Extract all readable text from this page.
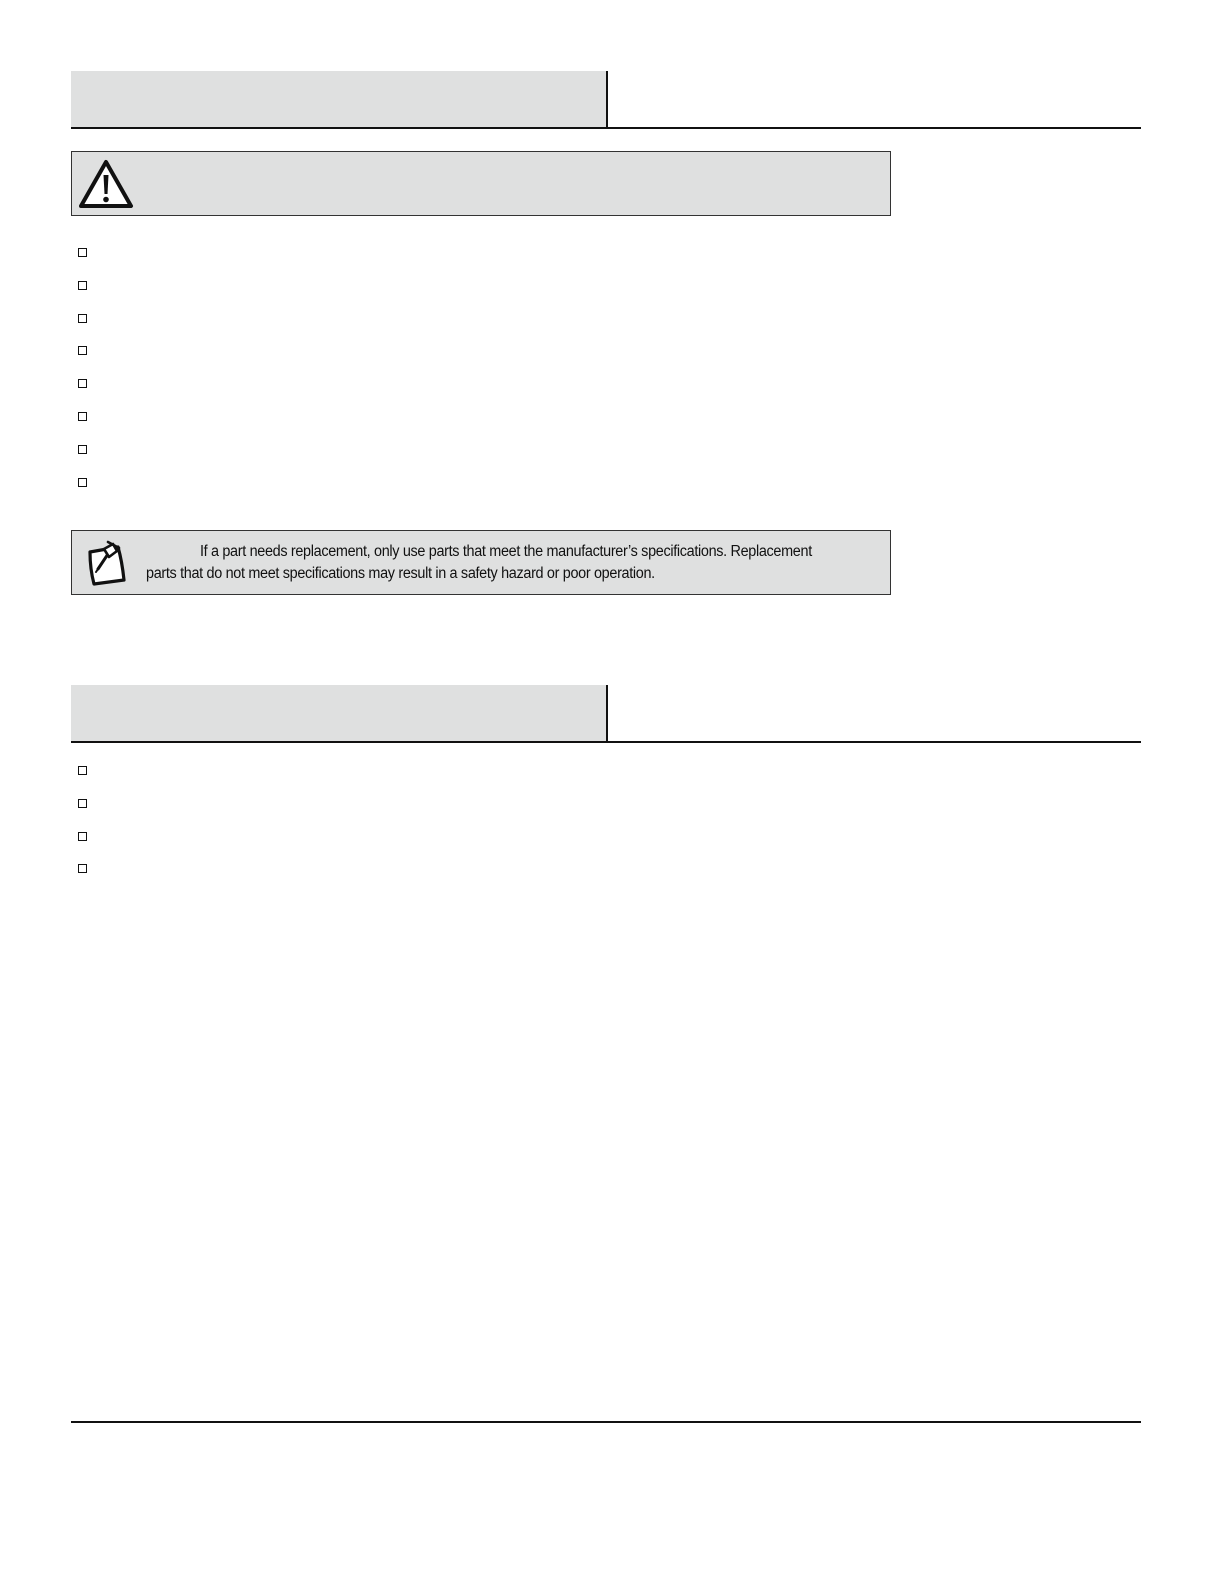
If a part needs replacement, only use parts that meet the manufacturer’s specifications. Replacement parts that do not meet specifications may result in a safety hazard or poor operation.
